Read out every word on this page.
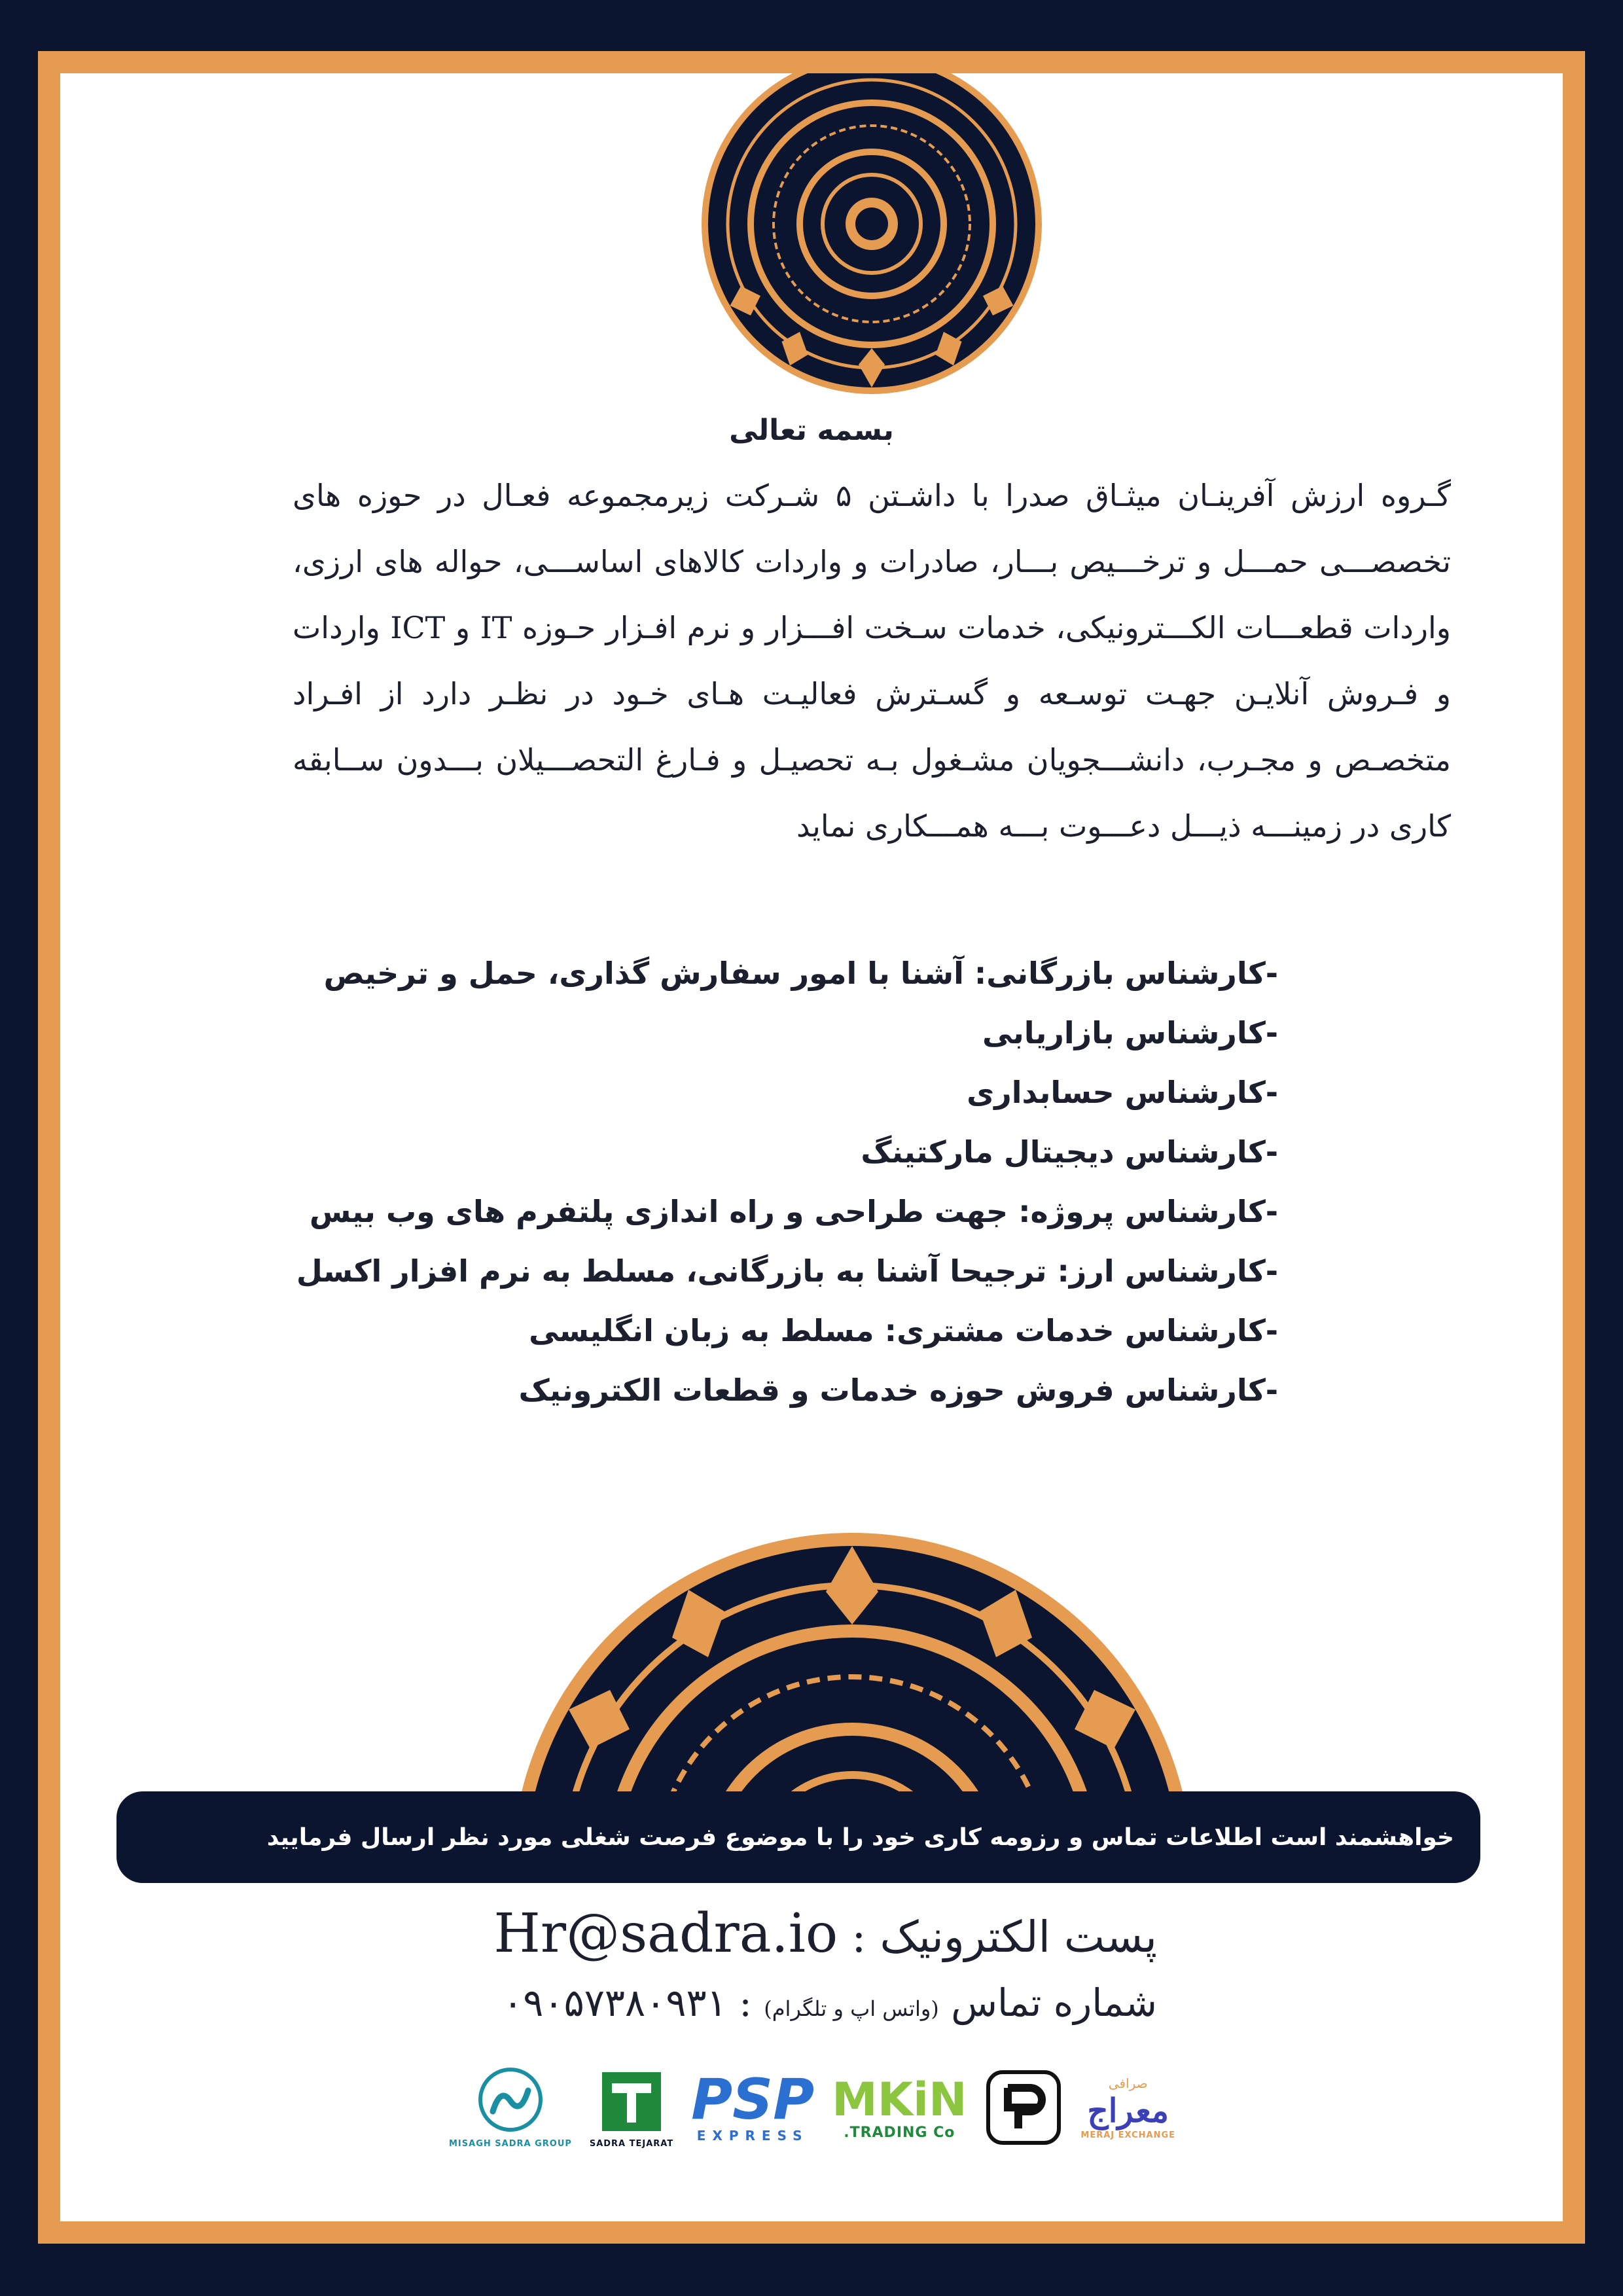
بسمه تعالی
گـروه ارزش آفرینـان میثـاق صدرا با داشـتن ۵ شـرکت زیرمجموعه فعـال در حوزه های تخصصـــی حمـــل و ترخـــیص بـــار، صادرات و واردات کالاهای اساســـی، حواله های ارزی، واردات قطعـــات الکـــترونیکی، خدمات سـخت افـــزار و نرم افـزار حـوزه IT و ICT واردات و فـروش آنلایـن جهـت توسـعه و گسـترش فعالیـت هـای خـود در نظـر دارد از افـراد متخصـص و مجـرب، دانشـــجویان مشـغول بـه تحصیـل و فـارغ التحصـــیلان بـــدون ســابقه کاری در زمینـــه ذیـــل دعـــوت بـــه همـــکاری نماید
-کارشناس بازرگانی: آشنا با امور سفارش گذاری، حمل و ترخیص
-کارشناس بازاریابی
-کارشناس حسابداری
-کارشناس دیجیتال مارکتینگ
-کارشناس پروژه: جهت طراحی و راه اندازی پلتفرم های وب بیس
-کارشناس ارز: ترجیحا آشنا به بازرگانی، مسلط به نرم افزار اکسل
-کارشناس خدمات مشتری: مسلط به زبان انگلیسی
-کارشناس فروش حوزه خدمات و قطعات الکترونیک
خواهشمند است اطلاعات تماس و رزومه کاری خود را با موضوع فرصت شغلی مورد نظر ارسال فرمایید
پست الکترونیک : Hr@sadra.io
شماره تماس (واتس اپ و تلگرام) : ۰۹۰۵۷۳۸۰۹۳۱
MISAGH SADRA GROUP SADRA TEJARAT
PSP
EXPRESS
MKiN
TRADING Co.
صرافی
معراج
MERAJ EXCHANGE
